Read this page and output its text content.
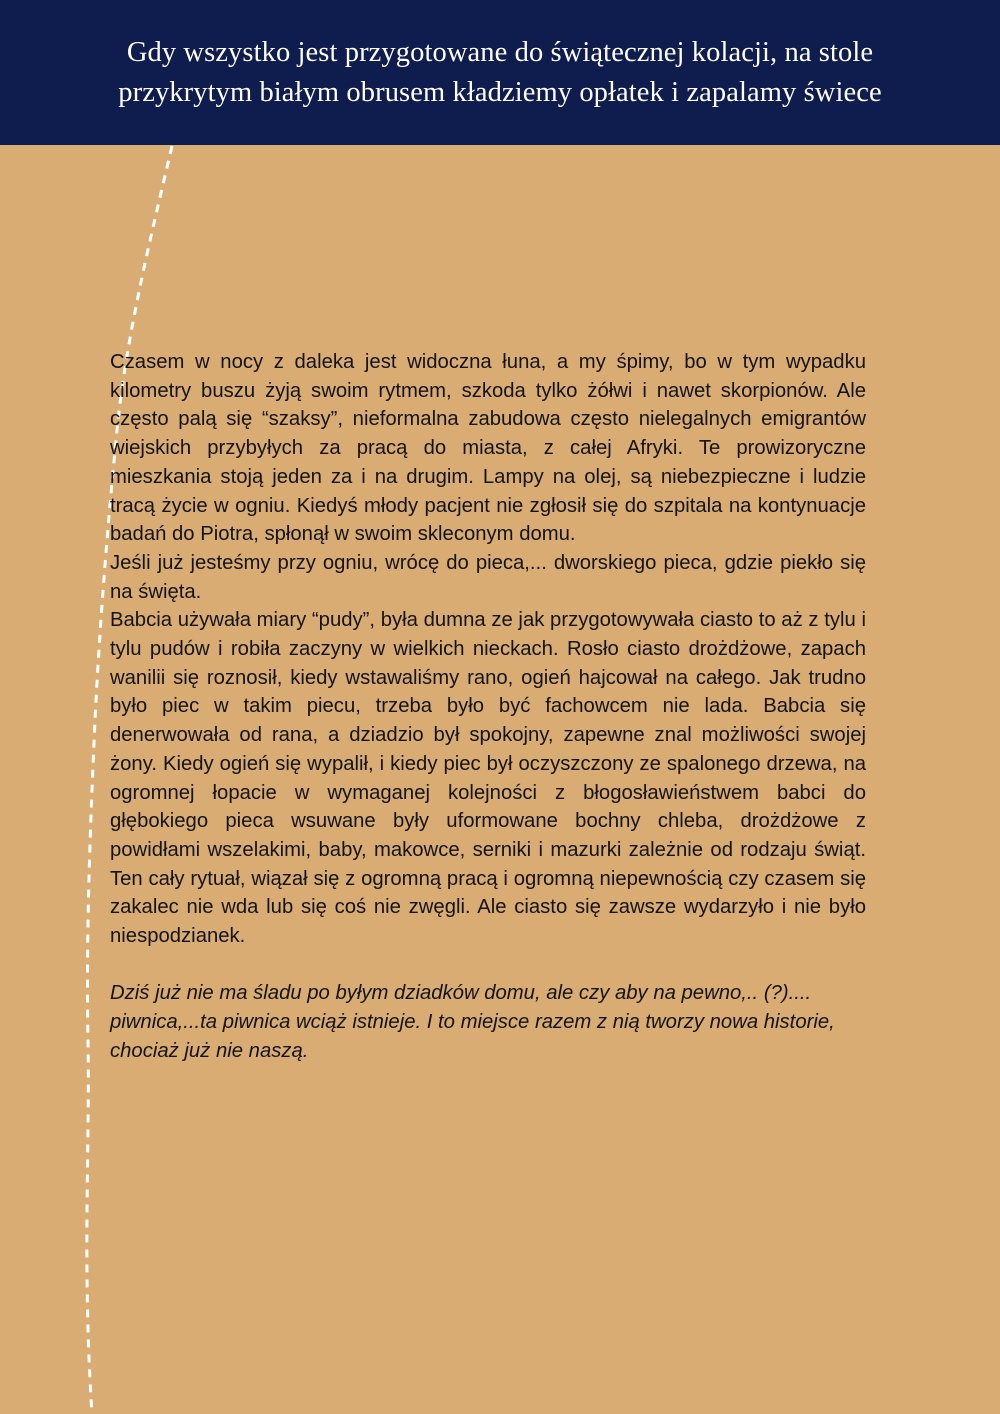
Gdy wszystko jest przygotowane do świątecznej kolacji, na stole
przykrytym białym obrusem kładziemy opłatek i zapalamy świece

Czasem w nocy z daleka jest widoczna łuna, a my śpimy, bo w tym wypadku kilometry buszu żyją swoim rytmem, szkoda tylko żółwi i nawet skorpionów. Ale często palą się “szaksy”, nieformalna zabudowa często nielegalnych emigrantów wiejskich przybyłych za pracą do miasta, z całej Afryki. Te prowizoryczne mieszkania stoją jeden za i na drugim. Lampy na olej, są niebezpieczne i ludzie tracą życie w ogniu. Kiedyś młody pacjent nie zgłosił się do szpitala na kontynuacje badań do Piotra, spłonął w swoim skleconym domu.

Jeśli już jesteśmy przy ogniu, wrócę do pieca,... dworskiego pieca, gdzie piekło się na święta.

Babcia używała miary “pudy”, była dumna ze jak przygotowywała ciasto to aż z tylu i tylu pudów i robiła zaczyny w wielkich nieckach. Rosło ciasto drożdżowe, zapach wanilii się roznosił, kiedy wstawaliśmy rano, ogień hajcował na całego. Jak trudno było piec w takim piecu, trzeba było być fachowcem nie lada. Babcia się denerwowała od rana, a dziadzio był spokojny, zapewne znal możliwości swojej żony. Kiedy ogień się wypalił, i kiedy piec był oczyszczony ze spalonego drzewa, na ogromnej łopacie w wymaganej kolejności z błogosławieństwem babci do głębokiego pieca wsuwane były uformowane bochny chleba, drożdżowe z powidłami wszelakimi, baby, makowce, serniki i mazurki zależnie od rodzaju świąt. Ten cały rytuał, wiązał się z ogromną pracą i ogromną niepewnością czy czasem się zakalec nie wda lub się coś nie zwęgli. Ale ciasto się zawsze wydarzyło i nie było niespodzianek.

Dziś już nie ma śladu po byłym dziadków domu, ale czy aby na pewno,.. (?).... piwnica,...ta piwnica wciąż istnieje. I to miejsce razem z nią tworzy nowa historie, chociaż już nie naszą.
